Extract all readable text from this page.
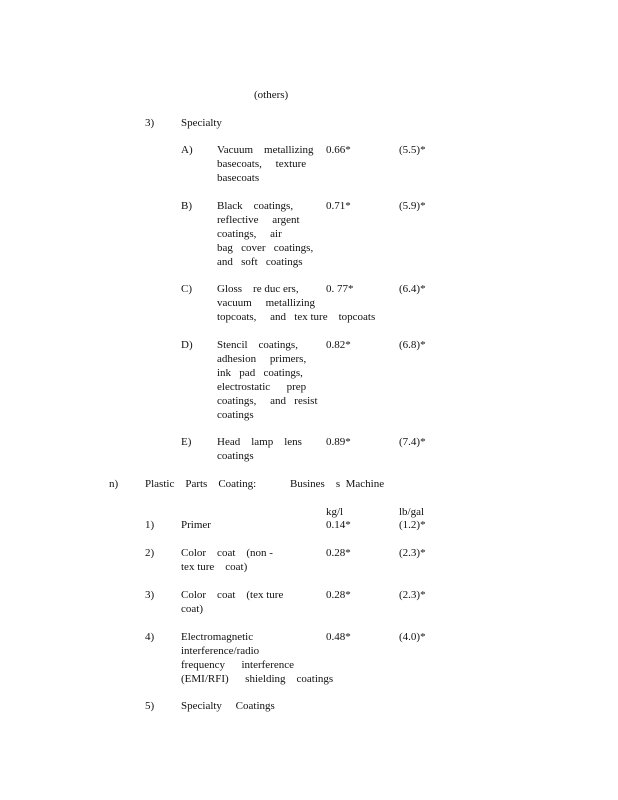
(others)
3) Specialty
A) Vacuum    metallizing
basecoats,     texture
basecoats
0.66*	(5.5)*
B) Black    coatings,
reflective     argent
coatings,     air
bag   cover   coatings,
and   soft   coatings
0.71*	(5.9)*
C) Gloss    re duc ers,
vacuum     metallizing
topcoats,     and   tex ture    topcoats
0. 77*	(6.4)*
D) Stencil    coatings,
adhesion     primers,
ink   pad   coatings,
electrostatic      prep
coatings,     and   resist
coatings
0.82*	(6.8)*
E) Head    lamp    lens
coatings
0.89*	(7.4)*
n) Plastic    Parts    Coating:	Busines    s  Machine
kg/l	lb/gal
1) Primer	0.14*	(1.2)*
2) Color    coat    (non -
tex ture    coat)
0.28*	(2.3)*
3) Color    coat    (tex ture
coat)
0.28*	(2.3)*
4) Electromagnetic
interference/radio
frequency      interference
(EMI/RFI)      shielding    coatings
0.48*	(4.0)*
5) Specialty     Coatings
